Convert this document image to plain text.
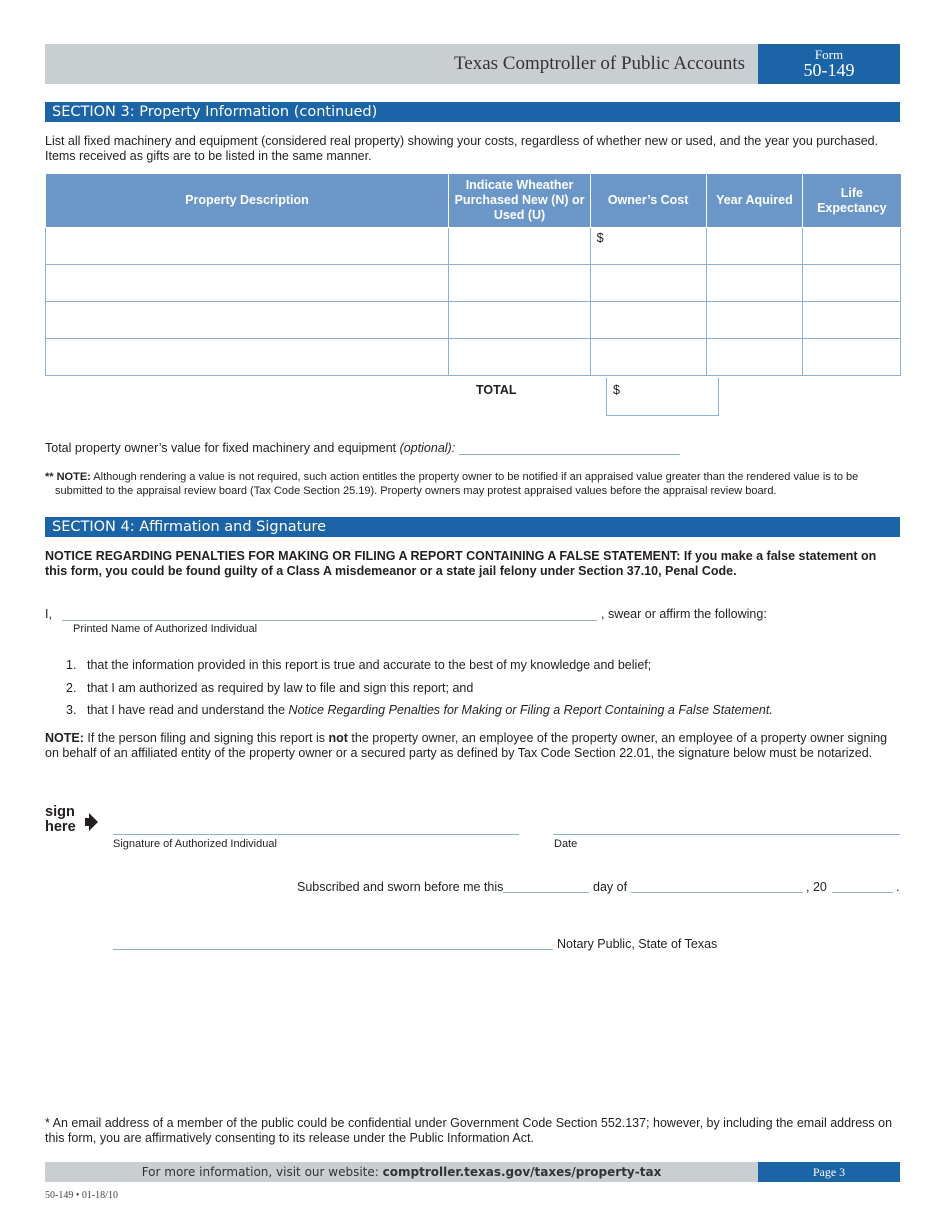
Texas Comptroller of Public Accounts	Form
50-149
SECTION 3: Property Information (continued)
List all fixed machinery and equipment (considered real property) showing your costs, regardless of whether new or used, and the year you purchased. Items received as gifts are to be listed in the same manner.
Property Description	Indicate Wheather Purchased New (N) or Used (U)	Owner’s Cost	Year Aquired	Life Expectancy
		$		

TOTAL	$
Total property owner’s value for fixed machinery and equipment (optional):
** NOTE: Although rendering a value is not required, such action entitles the property owner to be notified if an appraised value greater than the rendered value is to be submitted to the appraisal review board (Tax Code Section 25.19). Property owners may protest appraised values before the appraisal review board.
SECTION 4: Affirmation and Signature
NOTICE REGARDING PENALTIES FOR MAKING OR FILING A REPORT CONTAINING A FALSE STATEMENT: If you make a false statement on this form, you could be found guilty of a Class A misdemeanor or a state jail felony under Section 37.10, Penal Code.
I,	, swear or affirm the following:
Printed Name of Authorized Individual
1. that the information provided in this report is true and accurate to the best of my knowledge and belief;
2. that I am authorized as required by law to file and sign this report; and
3. that I have read and understand the Notice Regarding Penalties for Making or Filing a Report Containing a False Statement.
NOTE: If the person filing and signing this report is not the property owner, an employee of the property owner, an employee of a property owner signing on behalf of an affiliated entity of the property owner or a secured party as defined by Tax Code Section 22.01, the signature below must be notarized.
sign
here
Signature of Authorized Individual	Date
Subscribed and sworn before me this	day of	, 20	.
Notary Public, State of Texas
* An email address of a member of the public could be confidential under Government Code Section 552.137; however, by including the email address on this form, you are affirmatively consenting to its release under the Public Information Act.
For more information, visit our website: comptroller.texas.gov/taxes/property-tax	Page 3
50-149 • 01-18/10
